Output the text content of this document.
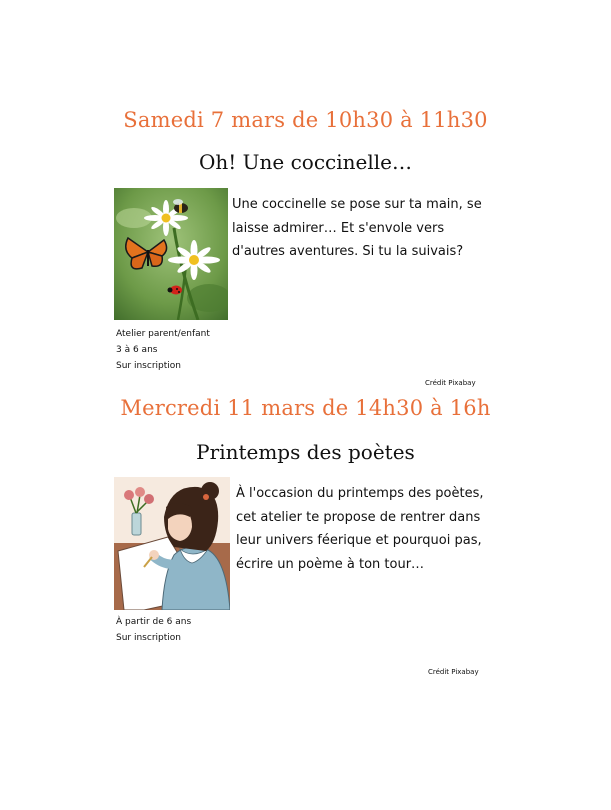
Samedi 7 mars de 10h30 à 11h30
Oh! Une coccinelle…
Une coccinelle se pose sur ta main, se
laisse admirer… Et s'envole vers
d'autres aventures. Si tu la suivais?
Atelier parent/enfant
3 à 6 ans
Sur inscription
Crédit Pixabay
Mercredi 11 mars de 14h30 à 16h
Printemps des poètes
À l'occasion du printemps des poètes,
cet atelier te propose de rentrer dans
leur univers féerique et pourquoi pas,
écrire un poème à ton tour…
À partir de 6 ans
Sur inscription
Crédit Pixabay
